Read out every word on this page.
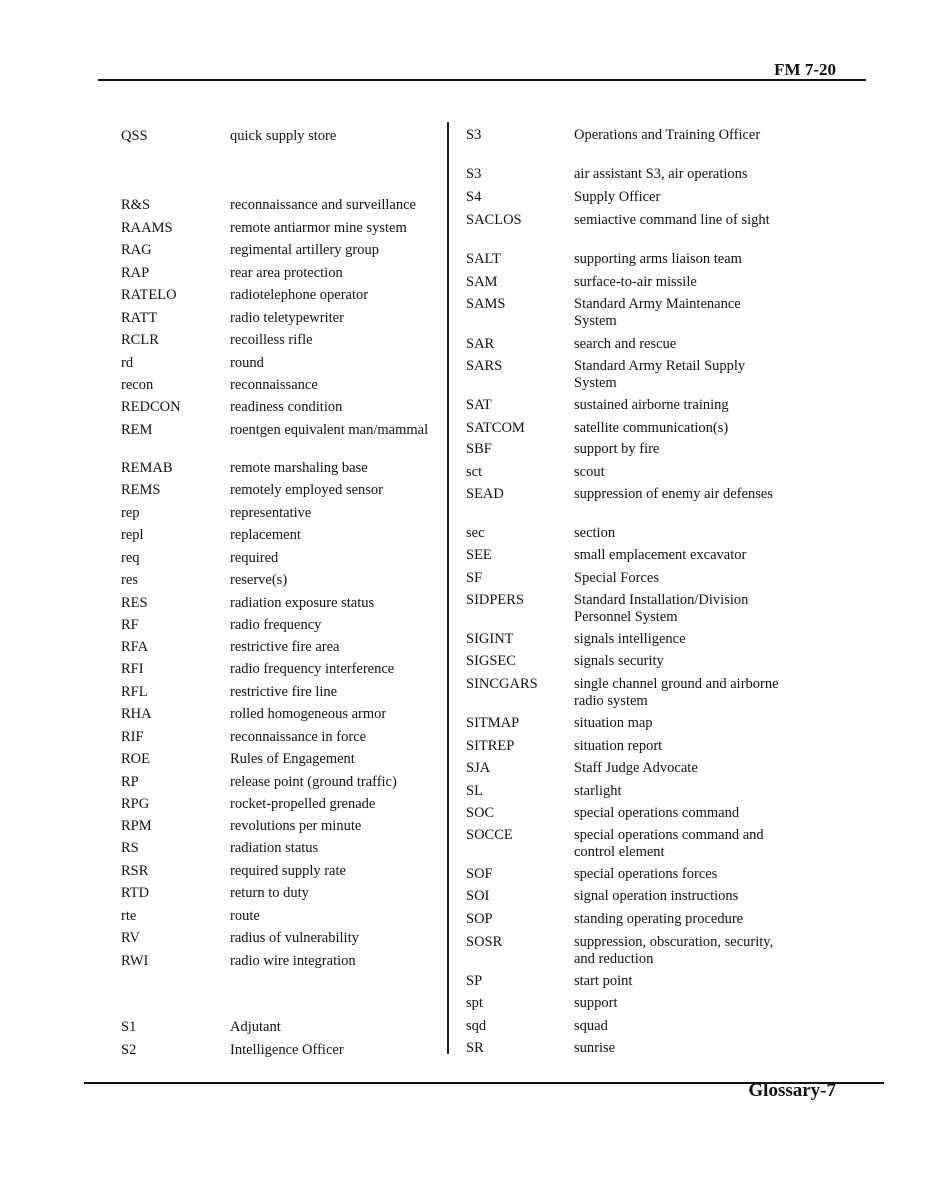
FM 7-20
QSS	quick supply store
R&S	reconnaissance and surveillance
RAAMS	remote antiarmor mine system
RAG	regimental artillery group
RAP	rear area protection
RATELO	radiotelephone operator
RATT	radio teletypewriter
RCLR	recoilless rifle
rd	round
recon	reconnaissance
REDCON	readiness condition
REM	roentgen equivalent man/mammal
REMAB	remote marshaling base
REMS	remotely employed sensor
rep	representative
repl	replacement
req	required
res	reserve(s)
RES	radiation exposure status
RF	radio frequency
RFA	restrictive fire area
RFI	radio frequency interference
RFL	restrictive fire line
RHA	rolled homogeneous armor
RIF	reconnaissance in force
ROE	Rules of Engagement
RP	release point (ground traffic)
RPG	rocket-propelled grenade
RPM	revolutions per minute
RS	radiation status
RSR	required supply rate
RTD	return to duty
rte	route
RV	radius of vulnerability
RWI	radio wire integration
S1	Adjutant
S2	Intelligence Officer
S3	Operations and Training Officer
S3	air assistant S3, air operations
S4	Supply Officer
SACLOS	semiactive command line of sight
SALT	supporting arms liaison team
SAM	surface-to-air missile
SAMS	Standard Army Maintenance System
SAR	search and rescue
SARS	Standard Army Retail Supply System
SAT	sustained airborne training
SATCOM	satellite communication(s)
SBF	support by fire
sct	scout
SEAD	suppression of enemy air defenses
sec	section
SEE	small emplacement excavator
SF	Special Forces
SIDPERS	Standard Installation/Division Personnel System
SIGINT	signals intelligence
SIGSEC	signals security
SINCGARS	single channel ground and airborne radio system
SITMAP	situation map
SITREP	situation report
SJA	Staff Judge Advocate
SL	starlight
SOC	special operations command
SOCCE	special operations command and control element
SOF	special operations forces
SOI	signal operation instructions
SOP	standing operating procedure
SOSR	suppression, obscuration, security, and reduction
SP	start point
spt	support
sqd	squad
SR	sunrise
Glossary-7
